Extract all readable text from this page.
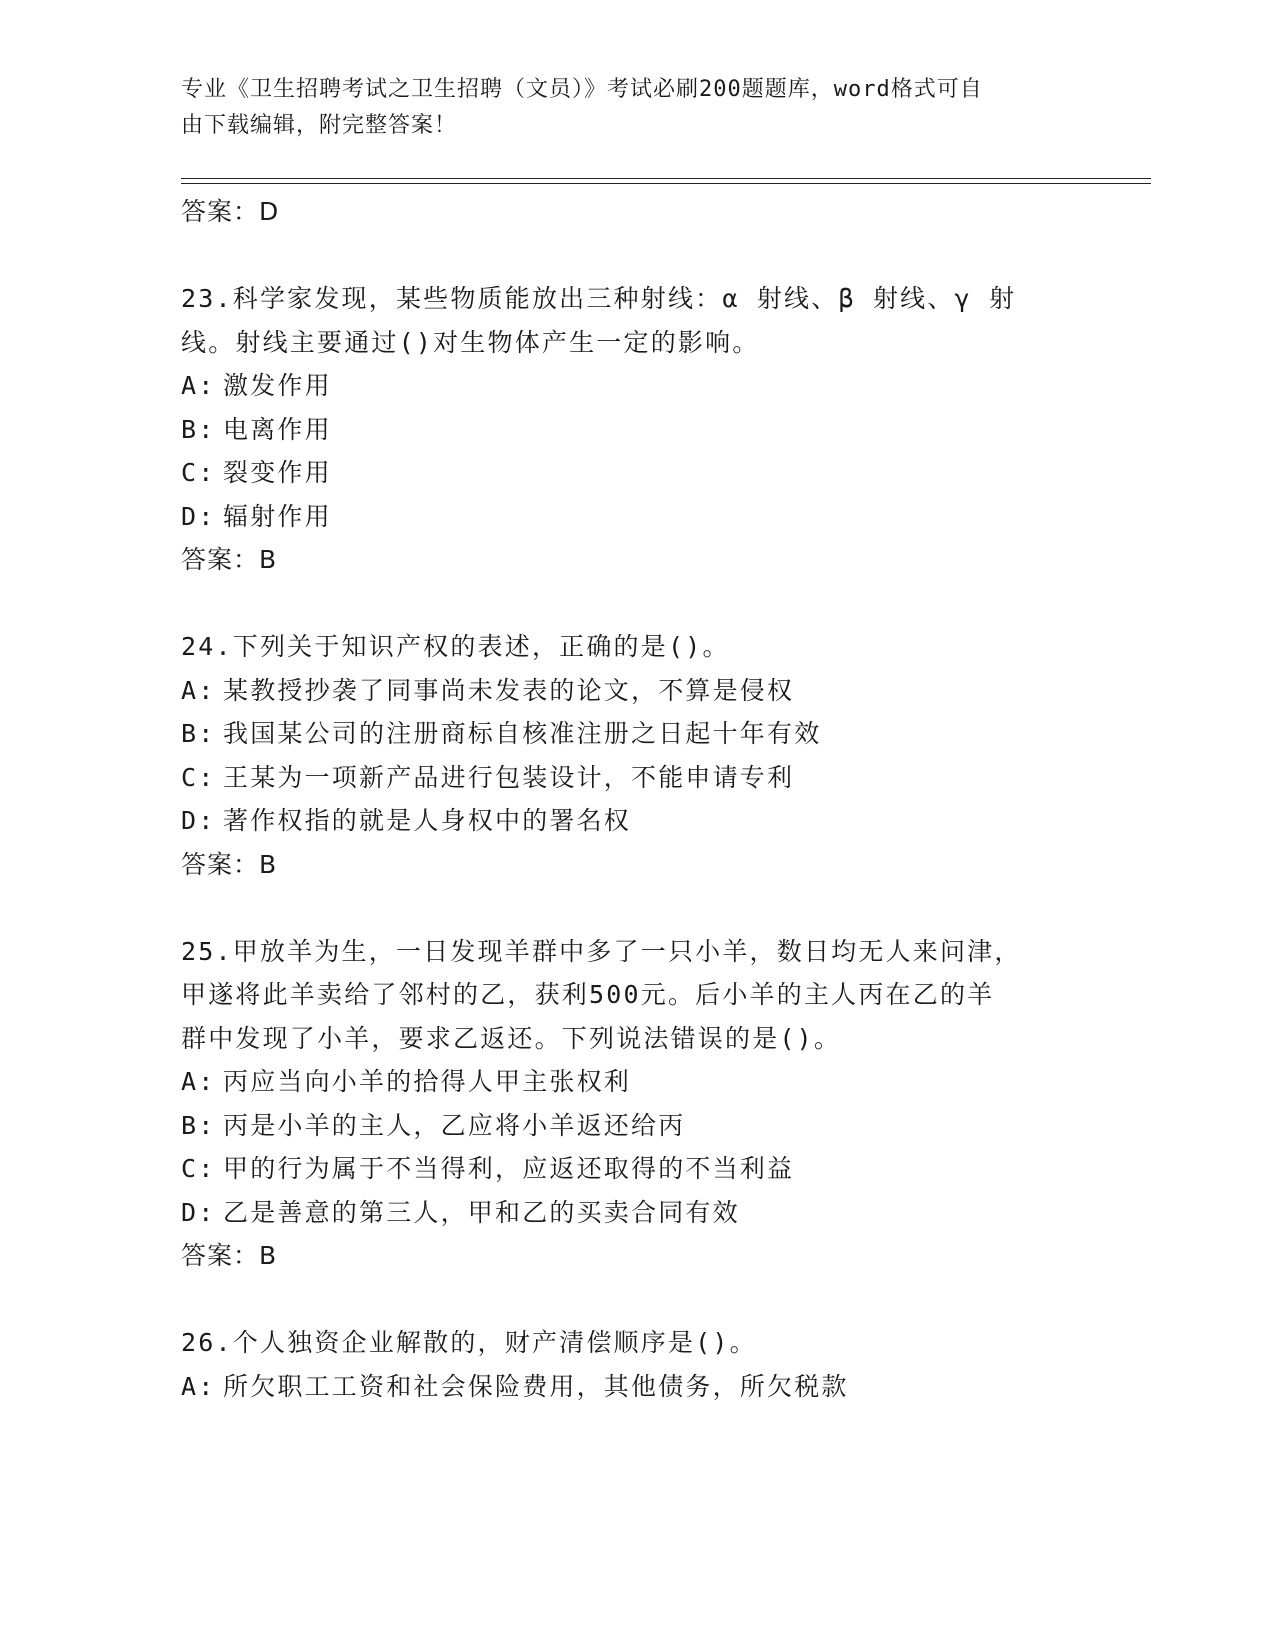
专业《卫生招聘考试之卫生招聘（文员）》考试必刷200题题库，word格式可自
由下载编辑，附完整答案！
答案：D
23.科学家发现，某些物质能放出三种射线：α 射线、β 射线、γ 射
线。射线主要通过()对生物体产生一定的影响。
A: 激发作用
B: 电离作用
C: 裂变作用
D: 辐射作用
答案：B
24.下列关于知识产权的表述，正确的是()。
A: 某教授抄袭了同事尚未发表的论文，不算是侵权
B: 我国某公司的注册商标自核准注册之日起十年有效
C: 王某为一项新产品进行包装设计，不能申请专利
D: 著作权指的就是人身权中的署名权
答案：B
25.甲放羊为生，一日发现羊群中多了一只小羊，数日均无人来问津，
甲遂将此羊卖给了邻村的乙，获利500元。后小羊的主人丙在乙的羊
群中发现了小羊，要求乙返还。下列说法错误的是()。
A: 丙应当向小羊的拾得人甲主张权利
B: 丙是小羊的主人，乙应将小羊返还给丙
C: 甲的行为属于不当得利，应返还取得的不当利益
D: 乙是善意的第三人，甲和乙的买卖合同有效
答案：B
26.个人独资企业解散的，财产清偿顺序是()。
A: 所欠职工工资和社会保险费用，其他债务，所欠税款
